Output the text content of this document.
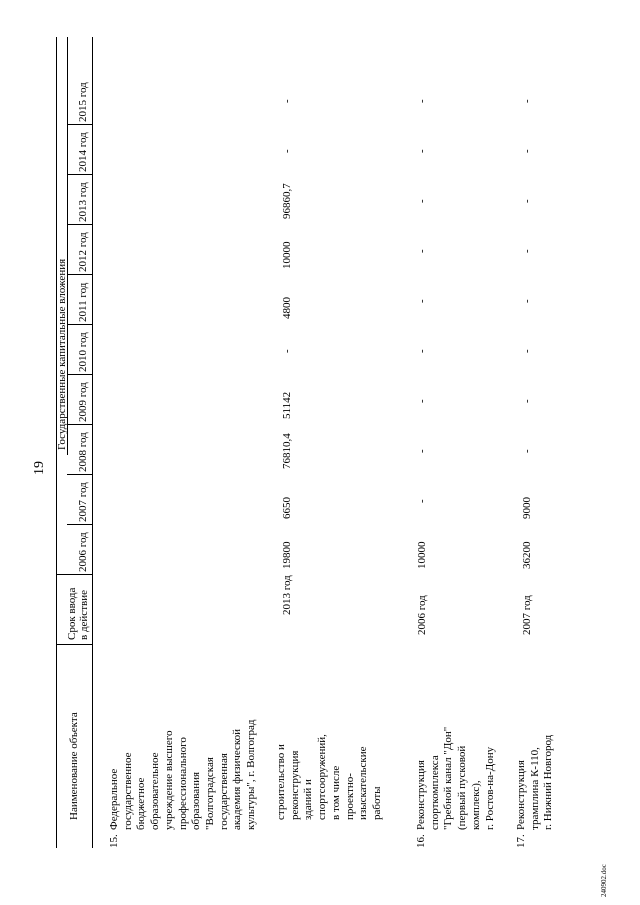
19
Наименование объекта
Срок ввода в действие
Государственные капитальные вложения
2006 год
2007 год
2008 год
2009 год
2010 год
2011 год
2012 год
2013 год
2014 год
2015 год
15.
Федеральное
государственное
бюджетное
образовательное
учреждение высшего
профессионального
образования
"Волгоградская
государственная
академия физической
культуры", г. Волгоград
строительство и
реконструкция
зданий и
спортсооружений,
в том числе
проектно-
изыскательские
работы
2013 год
16.
Реконструкция
спорткомплекса
"Гребной канал "Дон"
(первый пусковой
комплекс),
г. Ростов-на-Дону
2006 год
17.
Реконструкция
трамплина К-110,
г. Нижний Новгород
2007 год
19800
6650
76810,4
51142
-
4800
10000
96860,7
-
-
10000
-
-
-
-
-
-
-
-
-
36200
9000
-
-
-
-
-
-
-
-
240902.doc
